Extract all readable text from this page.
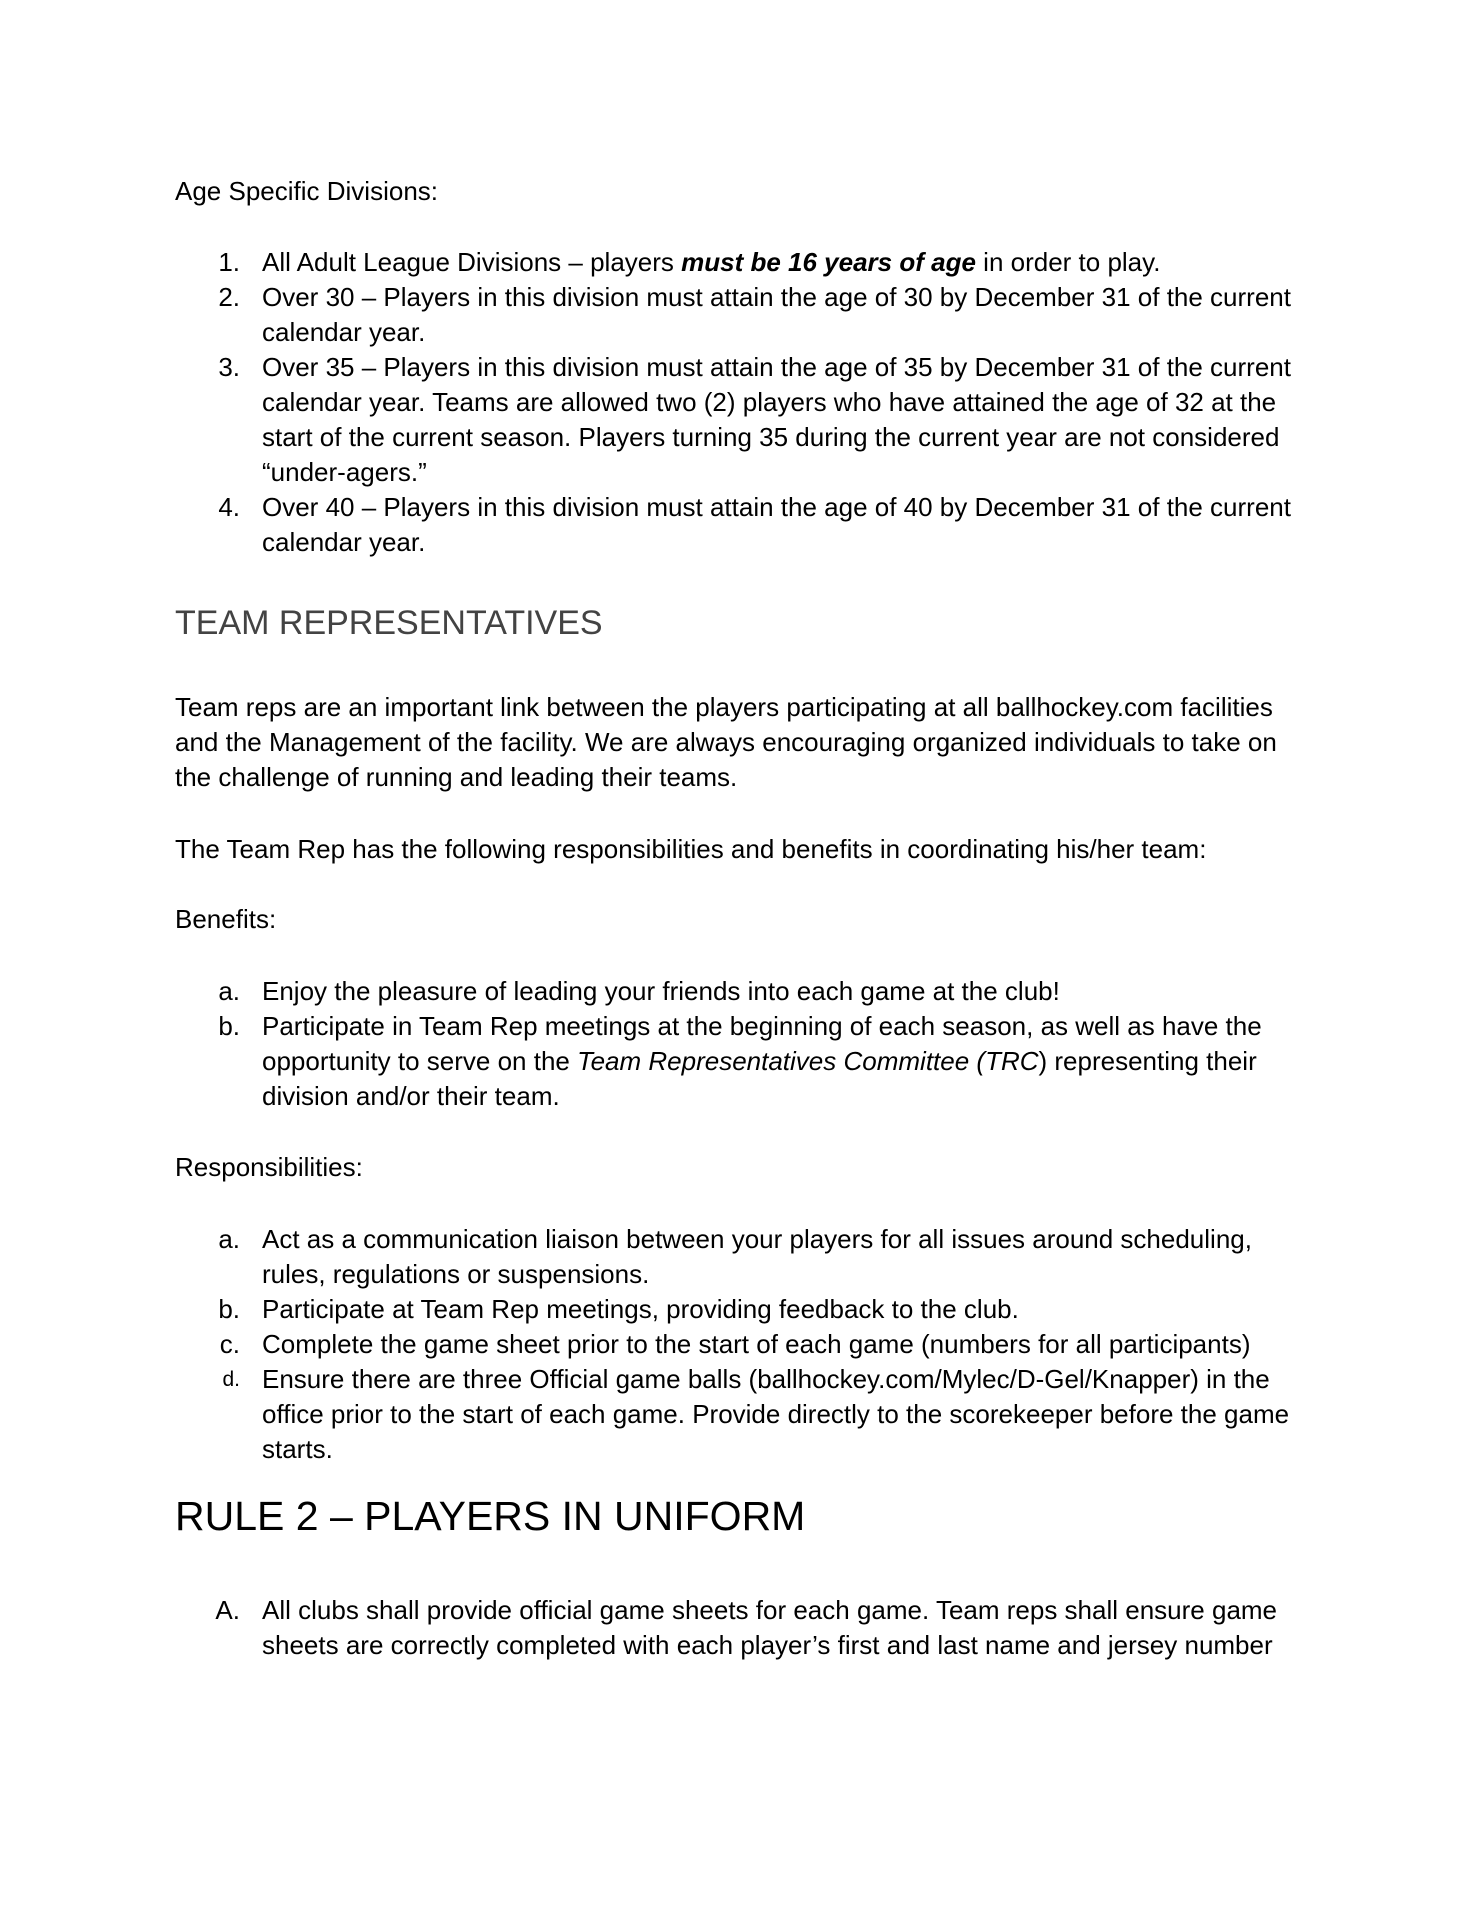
Age Specific Divisions:

1. All Adult League Divisions – players must be 16 years of age in order to play.
2. Over 30 – Players in this division must attain the age of 30 by December 31 of the current calendar year.
3. Over 35 – Players in this division must attain the age of 35 by December 31 of the current calendar year. Teams are allowed two (2) players who have attained the age of 32 at the start of the current season. Players turning 35 during the current year are not considered “under-agers.”
4. Over 40 – Players in this division must attain the age of 40 by December 31 of the current calendar year.
TEAM REPRESENTATIVES

Team reps are an important link between the players participating at all ballhockey.com facilities and the Management of the facility. We are always encouraging organized individuals to take on the challenge of running and leading their teams.

The Team Rep has the following responsibilities and benefits in coordinating his/her team:

Benefits:

a. Enjoy the pleasure of leading your friends into each game at the club!
b. Participate in Team Rep meetings at the beginning of each season, as well as have the opportunity to serve on the Team Representatives Committee (TRC) representing their division and/or their team.

Responsibilities:

a. Act as a communication liaison between your players for all issues around scheduling, rules, regulations or suspensions.
b. Participate at Team Rep meetings, providing feedback to the club.
c. Complete the game sheet prior to the start of each game (numbers for all participants)
d. Ensure there are three Official game balls (ballhockey.com/Mylec/D-Gel/Knapper) in the office prior to the start of each game. Provide directly to the scorekeeper before the game starts.
RULE 2 – PLAYERS IN UNIFORM
A. All clubs shall provide official game sheets for each game. Team reps shall ensure game sheets are correctly completed with each player’s first and last name and jersey number
